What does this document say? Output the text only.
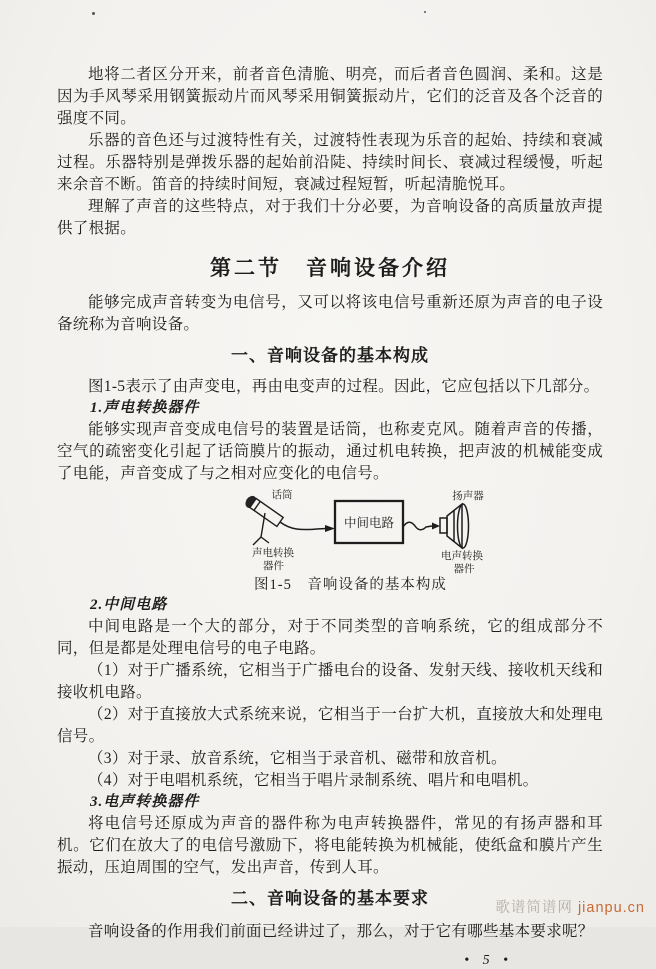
地将二者区分开来，前者音色清脆、明亮，而后者音色圆润、柔和。这是因为手风琴采用钢簧振动片而风琴采用铜簧振动片，它们的泛音及各个泛音的强度不同。

乐器的音色还与过渡特性有关，过渡特性表现为乐音的起始、持续和衰减过程。乐器特别是弹拨乐器的起始前沿陡、持续时间长、衰减过程缓慢，听起来余音不断。笛音的持续时间短，衰减过程短暂，听起清脆悦耳。

理解了声音的这些特点，对于我们十分必要，为音响设备的高质量放声提供了根据。

第二节　音响设备介绍

能够完成声音转变为电信号，又可以将该电信号重新还原为声音的电子设备统称为音响设备。

一、音响设备的基本构成

图1-5表示了由声变电，再由电变声的过程。因此，它应包括以下几部分。

1.声电转换器件

能够实现声音变成电信号的装置是话筒，也称麦克风。随着声音的传播，空气的疏密变化引起了话筒膜片的振动，通过机电转换，把声波的机械能变成了电能，声音变成了与之相对应变化的电信号。

中间电路
话筒
声电转换
器件
扬声器
电声转换
器件

图1-5　音响设备的基本构成

2.中间电路

中间电路是一个大的部分，对于不同类型的音响系统，它的组成部分不同，但是都是处理电信号的电子电路。

（1）对于广播系统，它相当于广播电台的设备、发射天线、接收机天线和接收机电路。

（2）对于直接放大式系统来说，它相当于一台扩大机，直接放大和处理电信号。

（3）对于录、放音系统，它相当于录音机、磁带和放音机。

（4）对于电唱机系统，它相当于唱片录制系统、唱片和电唱机。

3.电声转换器件

将电信号还原成为声音的器件称为电声转换器件，常见的有扬声器和耳机。它们在放大了的电信号激励下，将电能转换为机械能，使纸盒和膜片产生振动，压迫周围的空气，发出声音，传到人耳。

二、音响设备的基本要求

音响设备的作用我们前面已经讲过了，那么，对于它有哪些基本要求呢？

• 5 •

歌谱简谱网 jianpu.cn
